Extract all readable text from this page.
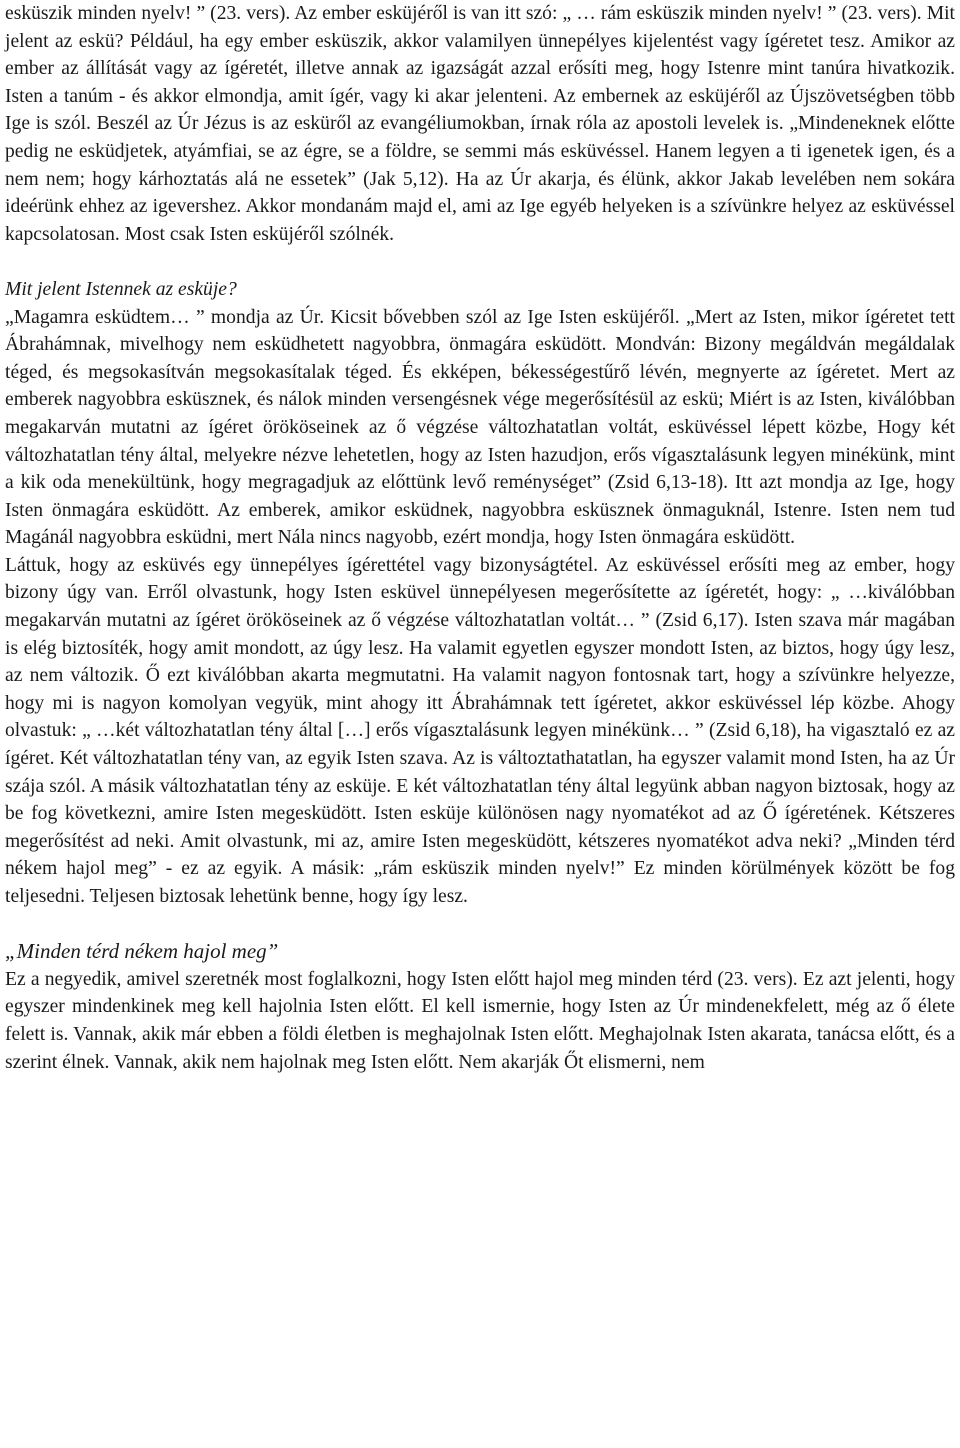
esküszik minden nyelv! ” (23. vers). Az ember esküjéről is van itt szó: „ … rám esküszik minden nyelv! ” (23. vers). Mit jelent az eskü? Például, ha egy ember esküszik, akkor valamilyen ünnepélyes kijelentést vagy ígéretet tesz. Amikor az ember az állítását vagy az ígéretét, illetve annak az igazságát azzal erősíti meg, hogy Istenre mint tanúra hivatkozik. Isten a tanúm - és akkor elmondja, amit ígér, vagy ki akar jelenteni. Az embernek az esküjéről az Újszövetségben több Ige is szól. Beszél az Úr Jézus is az esküről az evangéliumokban, írnak róla az apostoli levelek is. „Mindeneknek előtte pedig ne esküdjetek, atyámfiai, se az égre, se a földre, se semmi más esküvéssel. Hanem legyen a ti igenetek igen, és a nem nem; hogy kárhoztatás alá ne essetek” (Jak 5,12). Ha az Úr akarja, és élünk, akkor Jakab levelében nem sokára ideérünk ehhez az igevershez. Akkor mondanám majd el, ami az Ige egyéb helyeken is a szívünkre helyez az esküvéssel kapcsolatosan. Most csak Isten esküjéről szólnék.

Mit jelent Istennek az esküje?

„Magamra esküdtem… ” mondja az Úr. Kicsit bővebben szól az Ige Isten esküjéről. „Mert az Isten, mikor ígéretet tett Ábrahámnak, mivelhogy nem esküdhetett nagyobbra, önmagára esküdött. Mondván: Bizony megáldván megáldalak téged, és megsokasítván megsokasítalak téged. És ekképen, békességestűrő lévén, megnyerte az ígéretet. Mert az emberek nagyobbra esküsznek, és nálok minden versengésnek vége megerősítésül az eskü; Miért is az Isten, kiválóbban megakarván mutatni az ígéret örököseinek az ő végzése változhatatlan voltát, esküvéssel lépett közbe, Hogy két változhatatlan tény által, melyekre nézve lehetetlen, hogy az Isten hazudjon, erős vígasztalásunk legyen minékünk, mint a kik oda menekültünk, hogy megragadjuk az előttünk levő reménységet” (Zsid 6,13-18). Itt azt mondja az Ige, hogy Isten önmagára esküdött. Az emberek, amikor esküdnek, nagyobbra esküsznek önmaguknál, Istenre. Isten nem tud Magánál nagyobbra esküdni, mert Nála nincs nagyobb, ezért mondja, hogy Isten önmagára esküdött.

Láttuk, hogy az esküvés egy ünnepélyes ígérettétel vagy bizonyságtétel. Az esküvéssel erősíti meg az ember, hogy bizony úgy van. Erről olvastunk, hogy Isten esküvel ünnepélyesen megerősítette az ígéretét, hogy: „ …kiválóbban megakarván mutatni az ígéret örököseinek az ő végzése változhatatlan voltát… ” (Zsid 6,17). Isten szava már magában is elég biztosíték, hogy amit mondott, az úgy lesz. Ha valamit egyetlen egyszer mondott Isten, az biztos, hogy úgy lesz, az nem változik. Ő ezt kiválóbban akarta megmutatni. Ha valamit nagyon fontosnak tart, hogy a szívünkre helyezze, hogy mi is nagyon komolyan vegyük, mint ahogy itt Ábrahámnak tett ígéretet, akkor esküvéssel lép közbe. Ahogy olvastuk: „ …két változhatatlan tény által […] erős vígasztalásunk legyen minékünk… ” (Zsid 6,18), ha vigasztaló ez az ígéret. Két változhatatlan tény van, az egyik Isten szava. Az is változtathatatlan, ha egyszer valamit mond Isten, ha az Úr szája szól. A másik változhatatlan tény az esküje. E két változhatatlan tény által legyünk abban nagyon biztosak, hogy az be fog következni, amire Isten megesküdött. Isten esküje különösen nagy nyomatékot ad az Ő ígéretének. Kétszeres megerősítést ad neki. Amit olvastunk, mi az, amire Isten megesküdött, kétszeres nyomatékot adva neki? „Minden térd nékem hajol meg” - ez az egyik. A másik: „rám esküszik minden nyelv!” Ez minden körülmények között be fog teljesedni. Teljesen biztosak lehetünk benne, hogy így lesz.

„Minden térd nékem hajol meg”

Ez a negyedik, amivel szeretnék most foglalkozni, hogy Isten előtt hajol meg minden térd (23. vers). Ez azt jelenti, hogy egyszer mindenkinek meg kell hajolnia Isten előtt. El kell ismernie, hogy Isten az Úr mindenekfelett, még az ő élete felett is. Vannak, akik már ebben a földi életben is meghajolnak Isten előtt. Meghajolnak Isten akarata, tanácsa előtt, és a szerint élnek. Vannak, akik nem hajolnak meg Isten előtt. Nem akarják Őt elismerni, nem
